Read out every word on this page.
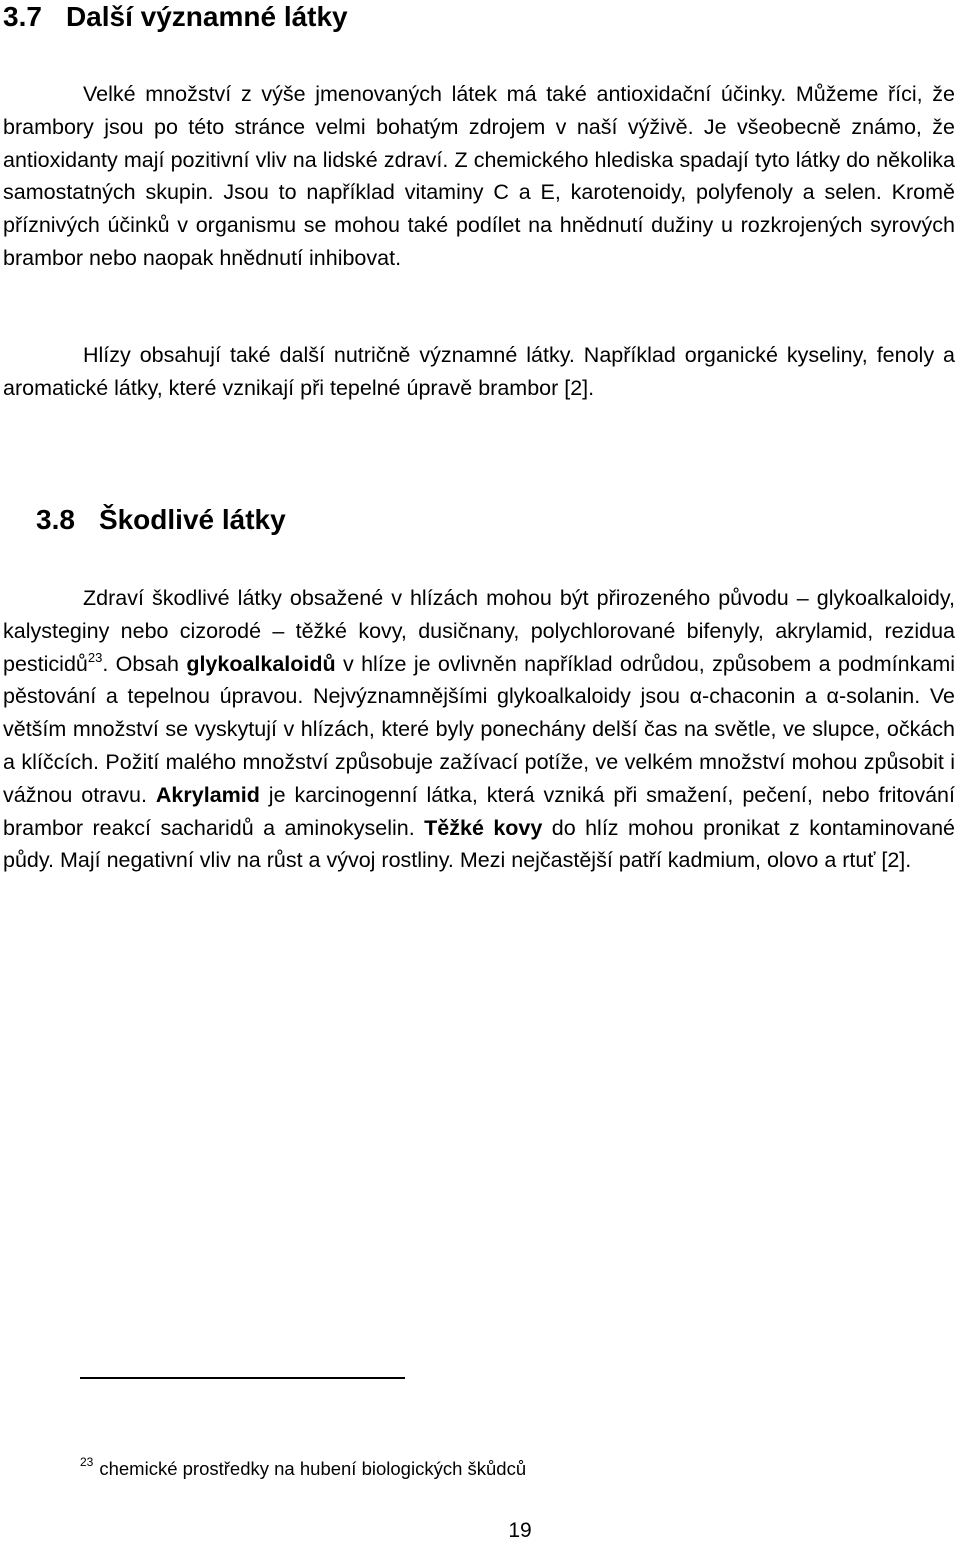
3.7 Další významné látky

Velké množství z výše jmenovaných látek má také antioxidační účinky. Můžeme říci, že brambory jsou po této stránce velmi bohatým zdrojem v naší výživě. Je všeobecně známo, že antioxidanty mají pozitivní vliv na lidské zdraví. Z chemického hlediska spadají tyto látky do několika samostatných skupin. Jsou to například vitaminy C a E, karotenoidy, polyfenoly a selen. Kromě příznivých účinků v organismu se mohou také podílet na hnědnutí dužiny u rozkrojených syrových brambor nebo naopak hnědnutí inhibovat.

Hlízy obsahují také další nutričně významné látky. Například organické kyseliny, fenoly a aromatické látky, které vznikají při tepelné úpravě brambor [2].

3.8 Škodlivé látky

Zdraví škodlivé látky obsažené v hlízách mohou být přirozeného původu – glykoalkaloidy, kalysteginy nebo cizorodé – těžké kovy, dusičnany, polychlorované bifenyly, akrylamid, rezidua pesticidů$^{23}$. Obsah glykoalkaloidů v hlíze je ovlivněn například odrůdou, způsobem a podmínkami pěstování a tepelnou úpravou. Nejvýznamnějšími glykoalkaloidy jsou α-chaconin a α-solanin. Ve větším množství se vyskytují v hlízách, které byly ponechány delší čas na světle, ve slupce, očkách a klíčcích. Požití malého množství způsobuje zažívací potíže, ve velkém množství mohou způsobit i vážnou otravu. Akrylamid je karcinogenní látka, která vzniká při smažení, pečení, nebo fritování brambor reakcí sacharidů a aminokyselin. Těžké kovy do hlíz mohou pronikat z kontaminované půdy. Mají negativní vliv na růst a vývoj rostliny. Mezi nejčastější patří kadmium, olovo a rtuť [2].

$^{23}$ chemické prostředky na hubení biologických škůdců
19
